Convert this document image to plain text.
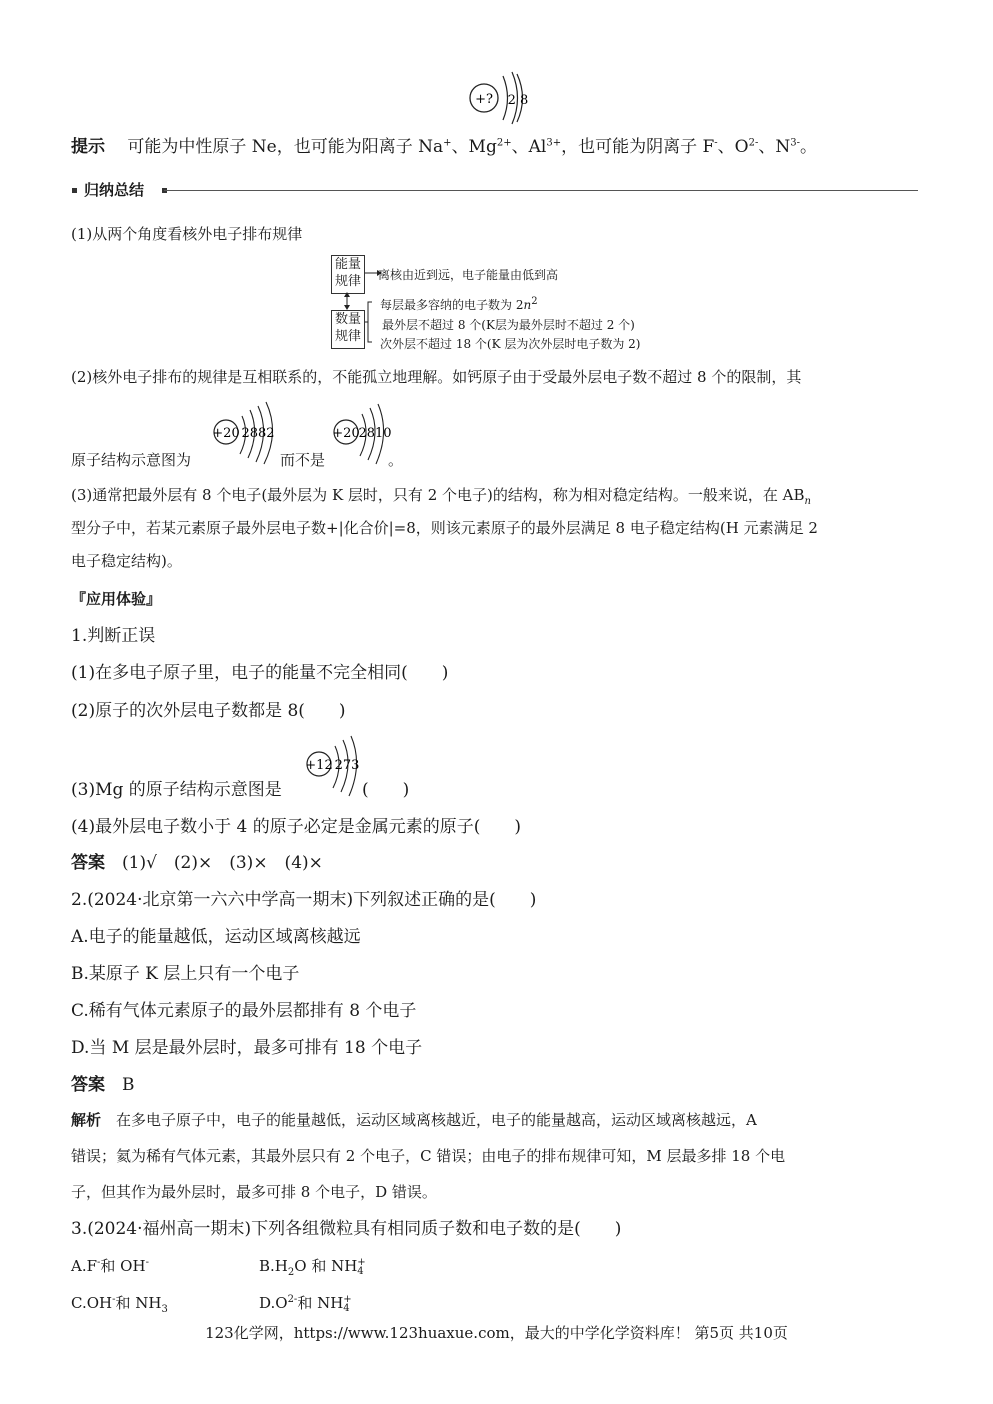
+? 2 8
提示　 可能为中性原子 Ne，也可能为阳离子 Na+、$Mg^{2+}$、$Al^{3+}$，也可能为阴离子 F-、$O^{2-}$、$N^{3-}$。
归纳总结
(1)从两个角度看核外电子排布规律
能量规律	离核由近到远，电子能量由低到高
数量规律
每层最多容纳的电子数为 $2n^2$
最外层不超过 8 个(K层为最外层时不超过 2 个)
次外层不超过 18 个(K 层为次外层时电子数为 2)
(2)核外电子排布的规律是互相联系的，不能孤立地理解。如钙原子由于受最外层电子数不超过 8 个的限制，其
原子结构示意图为
+20 2882
而不是
+20
2810
。
(3)通常把最外层有 8 个电子(最外层为 K 层时，只有 2 个电子)的结构，称为相对稳定结构。一般来说，在 $AB_n$
型分子中，若某元素原子最外层电子数+|化合价|=8，则该元素原子的最外层满足 8 电子稳定结构(H 元素满足 2
电子稳定结构)。
『应用体验』
1.判断正误
(1)在多电子原子里，电子的能量不完全相同(　　)
(2)原子的次外层电子数都是 8(　　)
(3)Mg 的原子结构示意图是
+12 273
(　　)
(4)最外层电子数小于 4 的原子必定是金属元素的原子(　　)
答案　 (1)√　(2)×　(3)×　(4)×
2.(2024·北京第一六六中学高一期末)下列叙述正确的是(　　)
A.电子的能量越低，运动区域离核越远
B.某原子 K 层上只有一个电子
C.稀有气体元素原子的最外层都排有 8 个电子
D.当 M 层是最外层时，最多可排有 18 个电子
答案　 B
解析　 在多电子原子中，电子的能量越低，运动区域离核越近，电子的能量越高，运动区域离核越远，A
错误；氦为稀有气体元素，其最外层只有 2 个电子，C 错误；由电子的排布规律可知，M 层最多排 18 个电
子，但其作为最外层时，最多可排 8 个电子，D 错误。
3.(2024·福州高一期末)下列各组微粒具有相同质子数和电子数的是(　　)
A.F-和 OH-	$B.H_2O$ 和 NH+
4
C.OH-和 $NH_3$	$D.O^{2-}$和 NH+
4
123化学网，https://www.123huaxue.com，最大的中学化学资料库！ 第5页 共10页
